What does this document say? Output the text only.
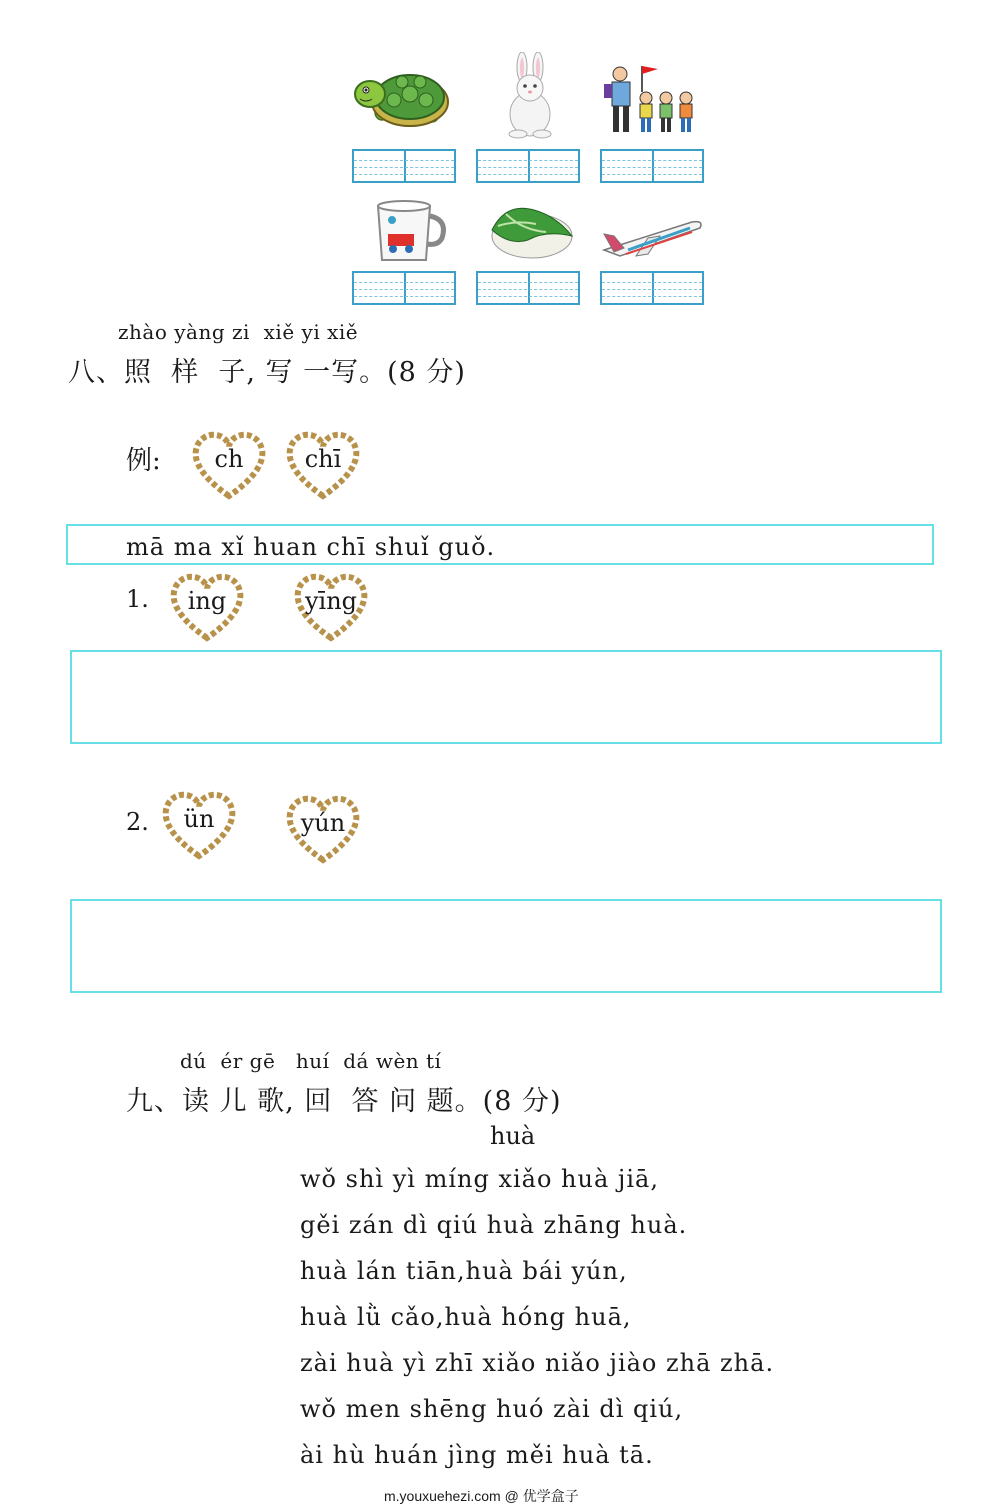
zhào yàng zi  xiě yi xiě
八、照  样  子, 写 一写。(8 分)
例:	ch	chī
mā ma xǐ huan chī shuǐ guǒ.
1.	ing	yīng
2.	ün	yún
dú  ér gē   huí  dá wèn tí
九、读 儿 歌, 回  答 问 题。(8 分)
huà
wǒ shì yì míng xiǎo huà jiā,
gěi zán dì qiú huà zhāng huà.
huà lán tiān,huà bái yún,
huà lǜ cǎo,huà hóng huā,
zài huà yì zhī xiǎo niǎo jiào zhā zhā.
wǒ men shēng huó zài dì qiú,
ài hù huán jìng měi huà tā.
m.youxuehezi.com @ 优学盒子
